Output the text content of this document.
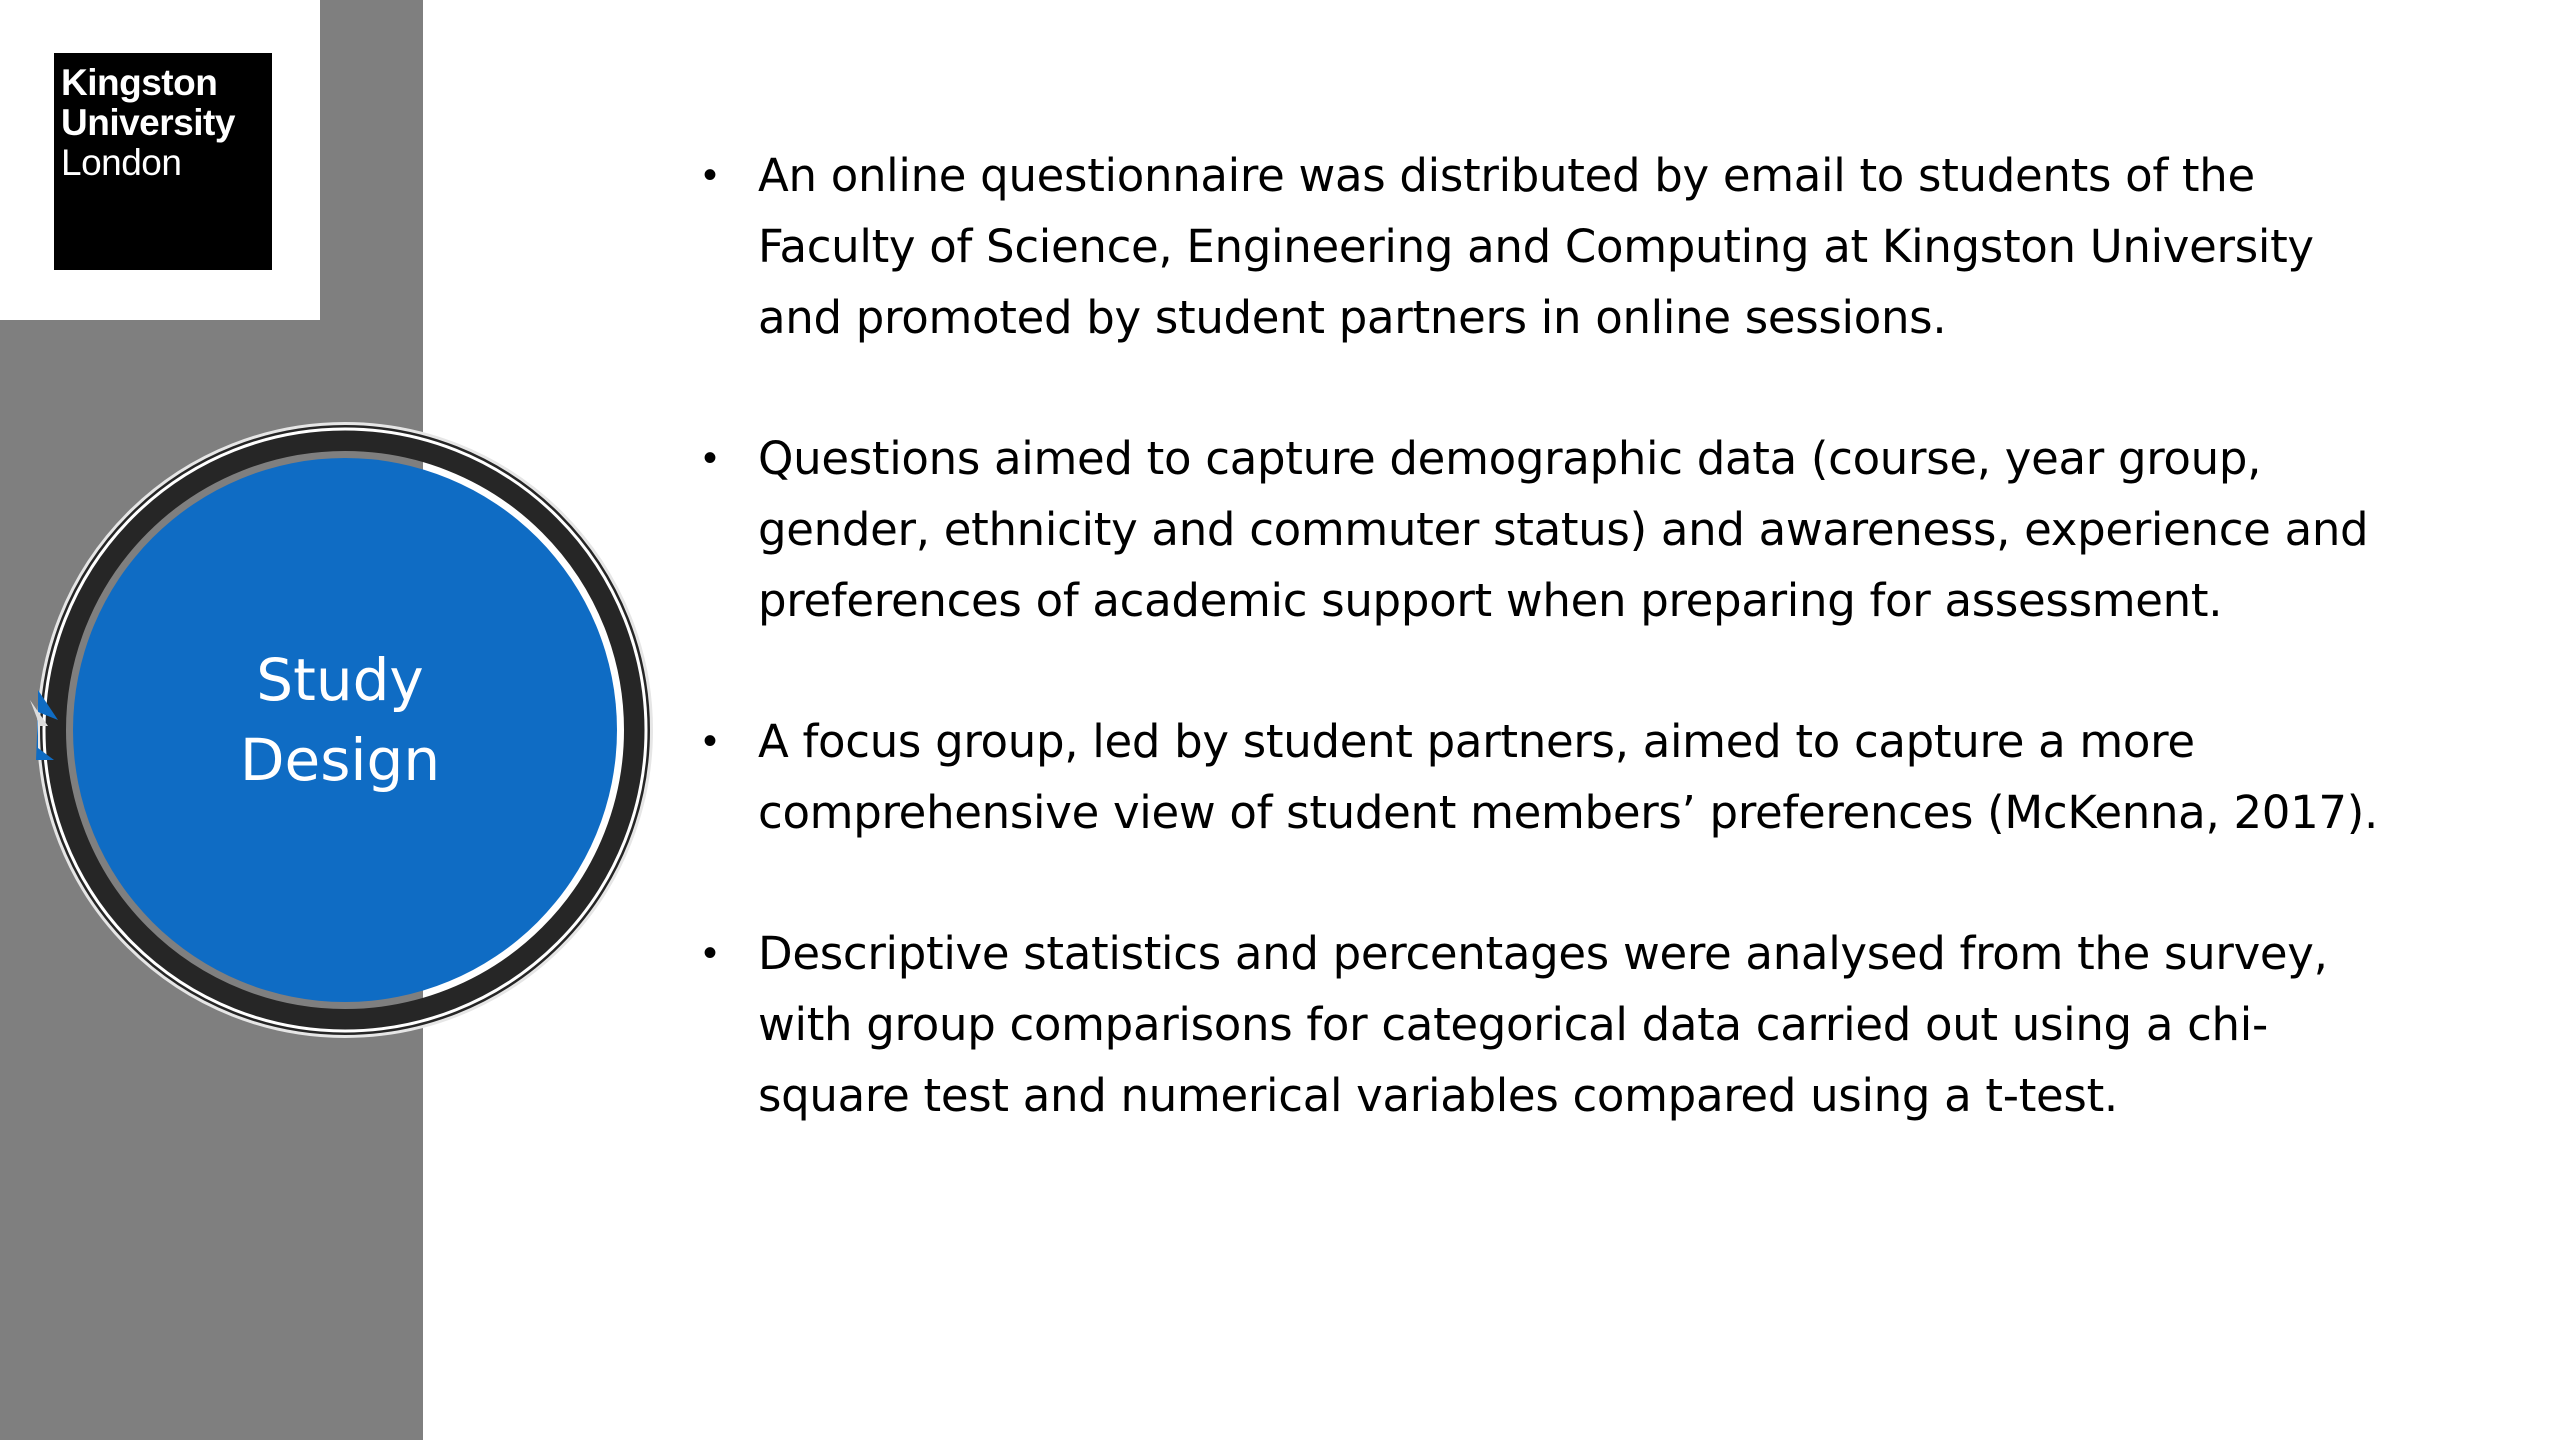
Kingston
University
London

Study
Design

• An online questionnaire was distributed by email to students of the
Faculty of Science, Engineering and Computing at Kingston University
and promoted by student partners in online sessions.
• Questions aimed to capture demographic data (course, year group,
gender, ethnicity and commuter status) and awareness, experience and
preferences of academic support when preparing for assessment.
• A focus group, led by student partners, aimed to capture a more
comprehensive view of student members’ preferences (McKenna, 2017).
• Descriptive statistics and percentages were analysed from the survey,
with group comparisons for categorical data carried out using a chi-
square test and numerical variables compared using a t-test.
